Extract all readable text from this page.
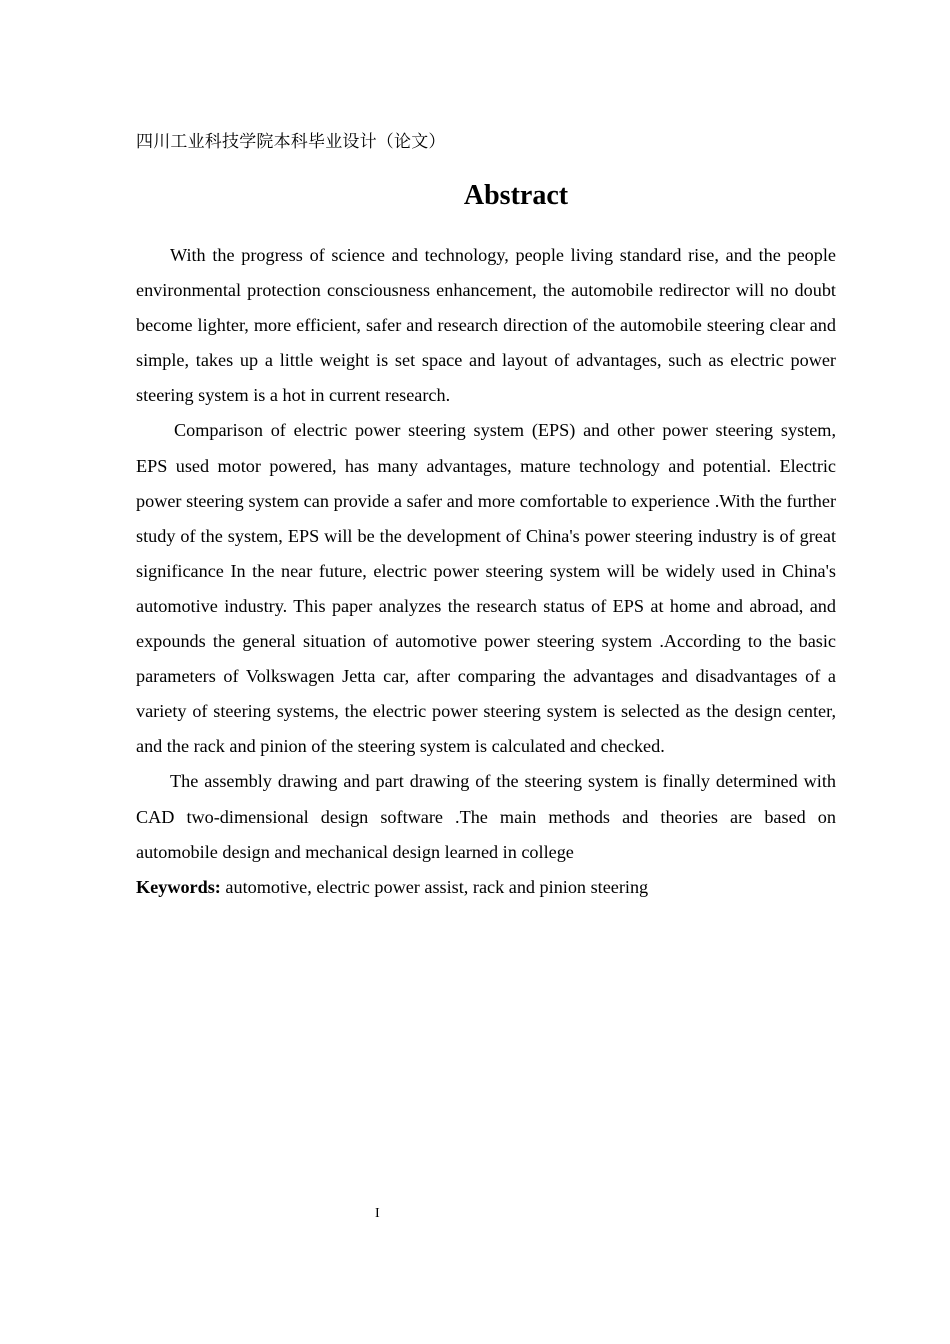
四川工业科技学院本科毕业设计（论文）
Abstract

With the progress of science and technology, people living standard rise, and the people environmental protection consciousness enhancement, the automobile redirector will no doubt become lighter, more efficient, safer and research direction of the automobile steering clear and simple, takes up a little weight is set space and layout of advantages, such as electric power steering system is a hot in current research.

Comparison of electric power steering system (EPS) and other power steering system, EPS used motor powered, has many advantages, mature technology and potential. Electric power steering system can provide a safer and more comfortable to experience .With the further study of the system, EPS will be the development of China's power steering industry is of great significance In the near future, electric power steering system will be widely used in China's automotive industry. This paper analyzes the research status of EPS at home and abroad, and expounds the general situation of automotive power steering system .According to the basic parameters of Volkswagen Jetta car, after comparing the advantages and disadvantages of a variety of steering systems, the electric power steering system is selected as the design center, and the rack and pinion of the steering system is calculated and checked.

The assembly drawing and part drawing of the steering system is finally determined with CAD two-dimensional design software .The main methods and theories are based on automobile design and mechanical design learned in college

Keywords: automotive, electric power assist, rack and pinion steering

I
